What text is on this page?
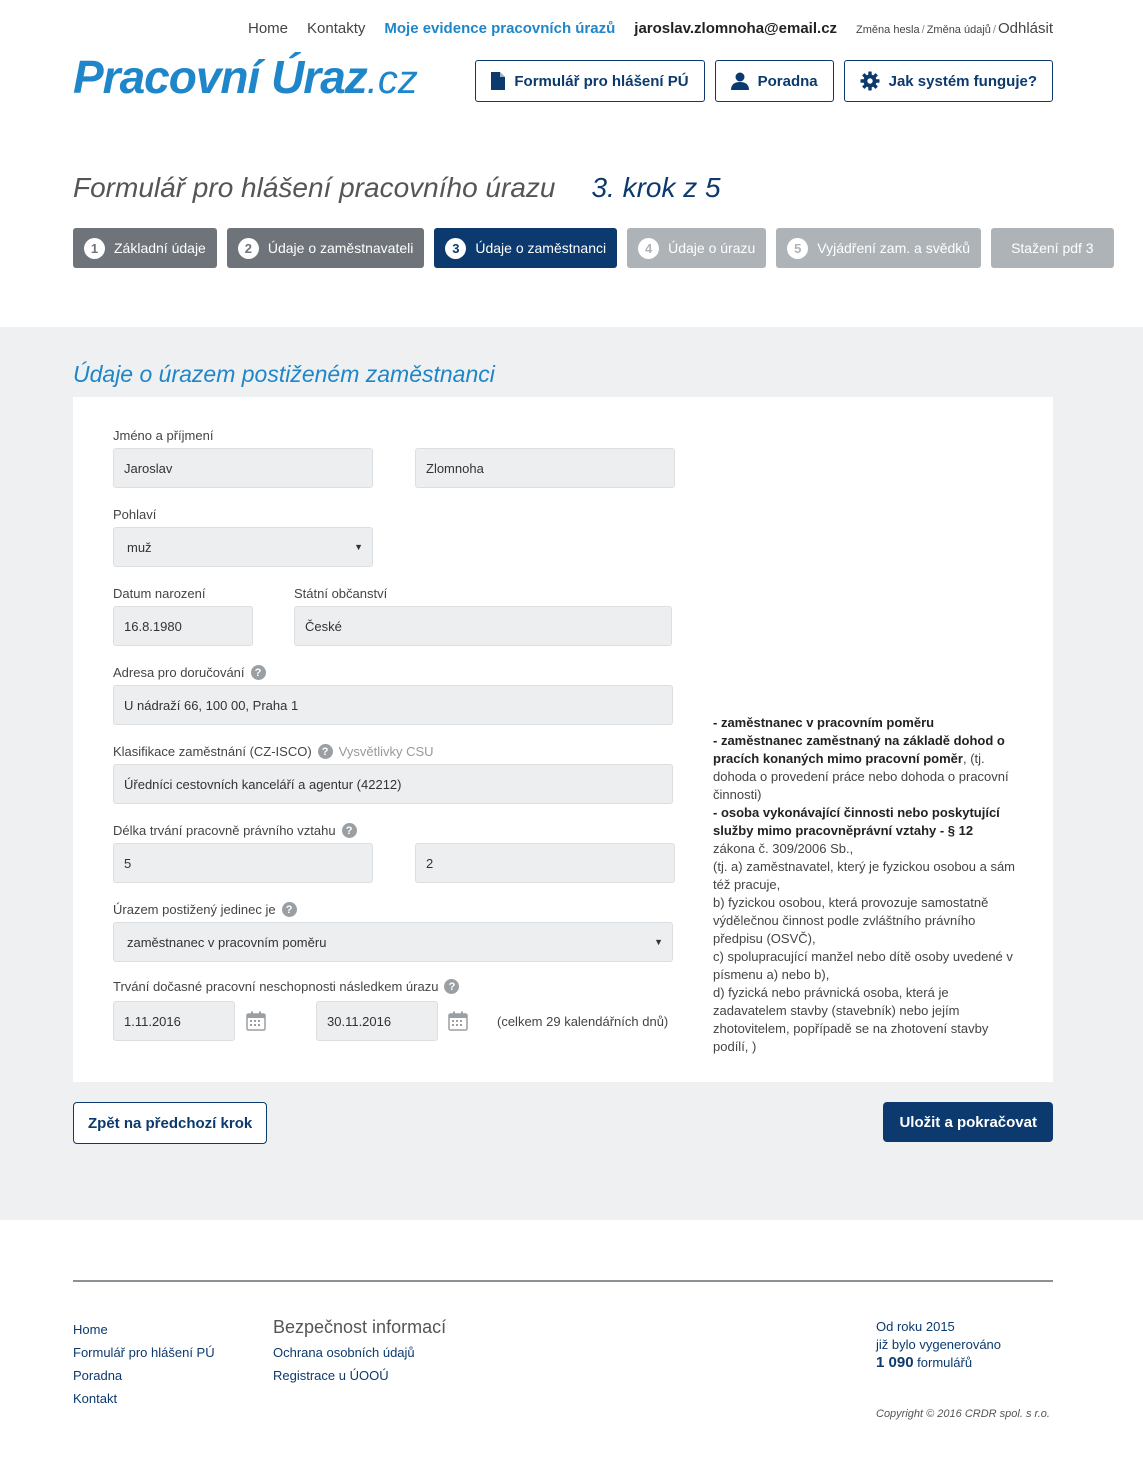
Home Kontakty Moje evidence pracovních úrazů jaroslav.zlomnoha@email.cz Změna hesla / Změna údajů / Odhlásit
Pracovní Úraz.cz	Formulář pro hlášení PÚ	Poradna	Jak systém funguje?
Formulář pro hlášení pracovního úrazu 3. krok z 5
1	Základní údaje	2	Údaje o zaměstnavateli	3	Údaje o zaměstnanci	4	Údaje o úrazu	5	Vyjádření zam. a svědků	Stažení pdf 3
Údaje o úrazem postiženém zaměstnanci
Jméno a příjmení
Jaroslav	Zlomnoha
Pohlaví
muž	▼
Datum narození
16.8.1980
Státní občanství
České
Adresa pro doručování ?
U nádraží 66, 100 00, Praha 1
Klasifikace zaměstnání (CZ-ISCO) ? Vysvětlivky CSU
Úředníci cestovních kanceláří a agentur (42212)
Délka trvání pracovně právního vztahu ?
5	2
Úrazem postižený jedinec je ?
zaměstnanec v pracovním poměru	▼
Trvání dočasné pracovní neschopnosti následkem úrazu ?
1.11.2016	30.11.2016	(celkem 29 kalendářních dnů)
- zaměstnanec v pracovním poměru
- zaměstnanec zaměstnaný na základě dohod o pracích konaných mimo pracovní poměr, (tj. dohoda o provedení práce nebo dohoda o pracovní činnosti)
- osoba vykonávající činnosti nebo poskytující služby mimo pracovněprávní vztahy - § 12 zákona č. 309/2006 Sb.,
(tj. a) zaměstnavatel, který je fyzickou osobou a sám též pracuje,
b) fyzickou osobou, která provozuje samostatně výdělečnou činnost podle zvláštního právního předpisu (OSVČ),
c) spolupracující manžel nebo dítě osoby uvedené v písmenu a) nebo b),
d) fyzická nebo právnická osoba, která je zadavatelem stavby (stavebník) nebo jejím zhotovitelem, popřípadě se na zhotovení stavby podílí, )
Zpět na předchozí krok	Uložit a pokračovat
Home
Formulář pro hlášení PÚ
Poradna
Kontakt
Bezpečnost informací
Ochrana osobních údajů
Registrace u ÚOOÚ
Od roku 2015
již bylo vygenerováno
1 090 formulářů
Copyright © 2016 CRDR spol. s r.o.
